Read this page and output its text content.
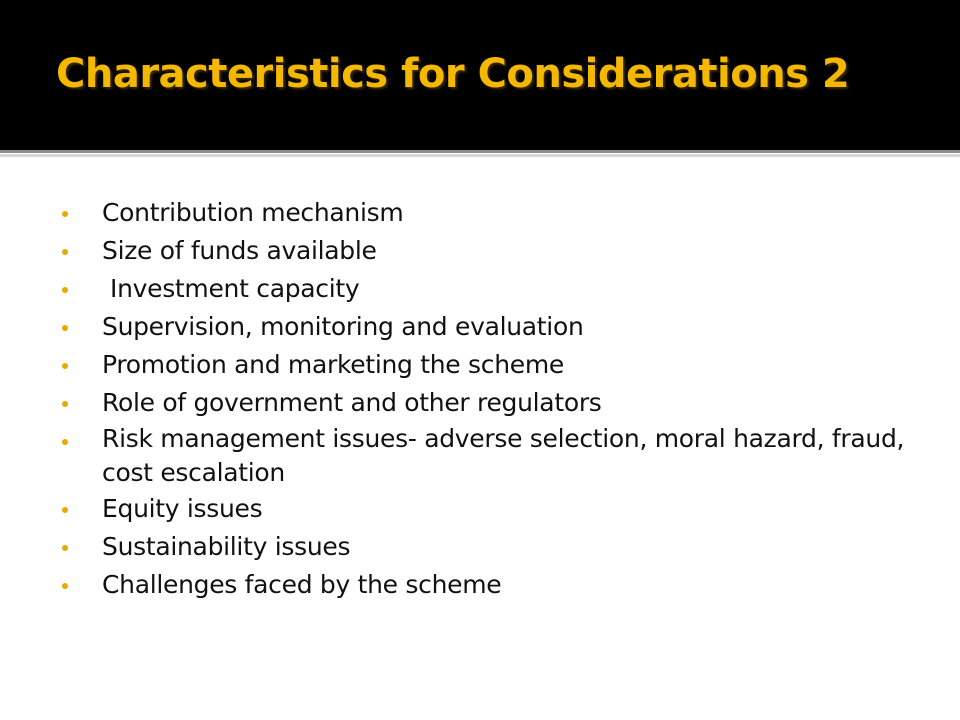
Characteristics for Considerations 2
Contribution mechanism
Size of funds available
Investment capacity
Supervision, monitoring and evaluation
Promotion and marketing the scheme
Role of government and other regulators
Risk management issues- adverse selection, moral hazard, fraud, cost escalation
Equity issues
Sustainability issues
Challenges faced by the scheme
